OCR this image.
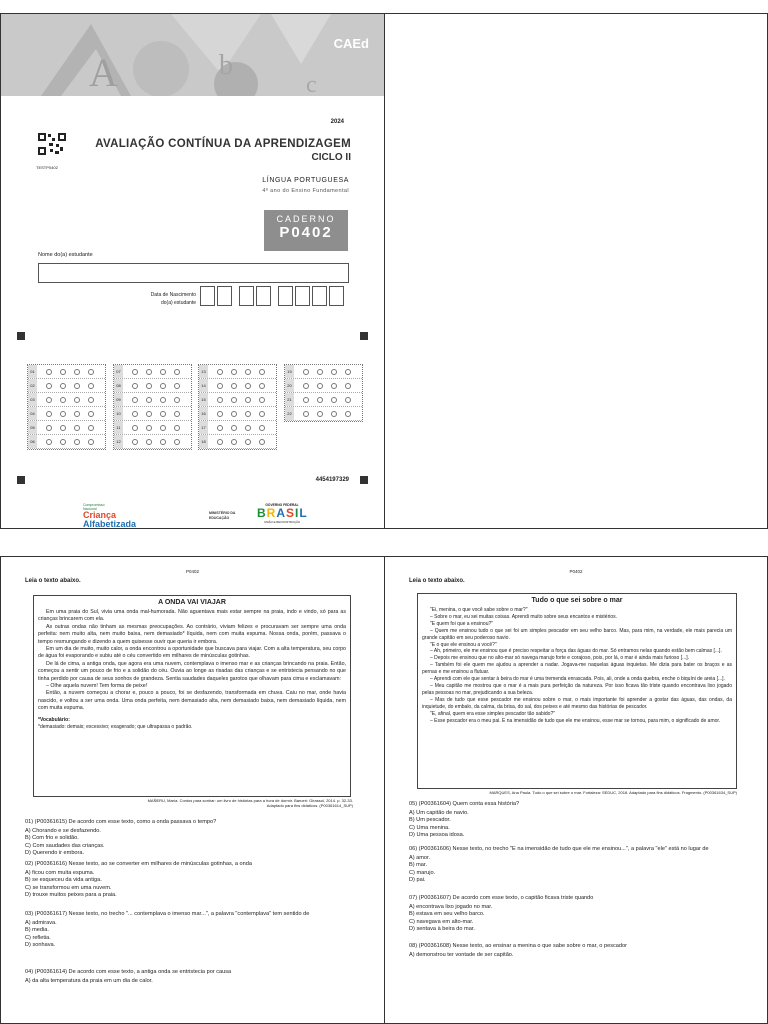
A	b
c
CAEd
2024
TESTP0402
AVALIAÇÃO CONTÍNUA DA APRENDIZAGEM
CICLO II
LÍNGUA PORTUGUESA
4º ano do Ensino Fundamental
CADERNO
P0402
Nome do(a) estudante
Data de Nascimento
do(a) estudante
01
02
03
04
05
06
07
08
09
10
11
12
13
14
15
16
17
18
19
20
21
22
4454197329
Compromisso
Nacional
Criança
Alfabetizada
MINISTÉRIO DA
EDUCAÇÃO
GOVERNO FEDERAL
BRASIL
UNIÃO E RECONSTRUÇÃO
P0402
Leia o texto abaixo.
A ONDA VAI VIAJAR

Em uma praia do Sul, vivia uma onda mal-humorada. Não aguentava mais estar sempre na praia, indo e vindo, só para as crianças brincarem com ela.

As outras ondas não tinham as mesmas preocupações. Ao contrário, viviam felizes e procuravam ser sempre uma onda perfeita: nem muito alta, nem muito baixa, nem demasiado* líquida, nem com muita espuma. Nossa onda, porém, passava o tempo resmungando e dizendo a quem quisesse ouvir que queria ir embora.

Em um dia de muito, muito calor, a onda encontrou a oportunidade que buscava para viajar. Com a alta temperatura, seu corpo de água foi evaporando e subiu até o céu convertido em milhares de minúsculas gotinhas.

De lá de cima, a antiga onda, que agora era uma nuvem, contemplava o imenso mar e as crianças brincando na praia. Então, começou a sentir um pouco de frio e a solidão do céu. Ouvia ao longe as risadas das crianças e se entristecia pensando no que tinha perdido por causa de seus sonhos de grandeza. Sentia saudades daqueles garotos que olhavam para cima e exclamavam:

– Olhe aquela nuvem! Tem forma de peixe!

Então, a nuvem começou a chorar e, pouco a pouco, foi se desfazendo, transformada em chuva. Caiu no mar, onde havia nascido, e voltou a ser uma onda. Uma onda perfeita, nem demasiado alta, nem demasiado baixa, nem demasiado líquida, nem com muita espuma.

*Vocabulário:
*demasiado: demais; excessivo; exagerado; que ultrapassa o padrão.
MAÑERU, María. Contos para sonhar: um livro de histórias para a hora de dormir. Barueri: Girassol, 2014. p. 32-33.
Adaptado para fins didáticos. (P00361614_SUP)
01) (P00361615) De acordo com esse texto, como a onda passava o tempo?
A) Chorando e se desfazendo.
B) Com frio e solidão.
C) Com saudades das crianças.
D) Querendo ir embora.
02) (P00361616) Nesse texto, ao se converter em milhares de minúsculas gotinhas, a onda
A) ficou com muita espuma.
B) se esqueceu da vida antiga.
C) se transformou em uma nuvem.
D) trouxe muitos peixes para a praia.
03) (P00361617) Nesse texto, no trecho "... contemplava o imenso mar...", a palavra "contemplava" tem sentido de
A) admirava.
B) media.
C) refletia.
D) sonhava.
04) (P00361614) De acordo com esse texto, a antiga onda se entristecia por causa
A) da alta temperatura da praia em um dia de calor.
P0402
Leia o texto abaixo.
Tudo o que sei sobre o mar

"Ei, menina, o que você sabe sobre o mar?"

– Sobre o mar, eu sei muitas coisas. Aprendi muito sobre seus encantos e mistérios.

"E quem foi que a ensinou?"

– Quem me ensinou tudo o que sei foi um simples pescador em seu velho barco. Mas, para mim, na verdade, ele mais parecia um grande capitão em seu poderoso navio.

"E o que ele ensinou a você?"

– Ah, primeiro, ele me ensinou que é preciso respeitar a força das águas do mar. Só entramos nelas quando estão bem calmas [...].

– Depois me ensinou que no alto-mar só navega marujo forte e corajoso, pois, por lá, o mar é ainda mais furioso [...].

– Também foi ele quem me ajudou a aprender a nadar. Jogava-me naquelas águas inquietas. Me dizia para bater os braços e as pernas e me ensinou a flutuar.

– Aprendi com ele que sentar à beira do mar é uma tremenda enrascada. Pois, ali, onde a onda quebra, enche o biquíni de areia [...].

– Meu capitão me mostrou que o mar é a mais pura perfeição da natureza. Por isso ficava tão triste quando encontrava lixo jogado pelas pessoas no mar, prejudicando a sua beleza.

– Mas de tudo que esse pescador me ensinou sobre o mar, o mais importante foi aprender a gostar das águas, das ondas, da inquietude, do embalo, da calma, da brisa, do sal, dos peixes e até mesmo das histórias de pescador.

"E, afinal, quem era esse simples pescador tão sabido?"

– Esse pescador era o meu pai. E na imensidão de tudo que ele me ensinou, esse mar se tornou, para mim, o significado de amor.

MARQUES, Ana Paula. Tudo o que sei sobre o mar. Fortaleza: SEDUC, 2018. Adaptado para fins didáticos. Fragmento. (P00361634_SUP)
05) (P00361604) Quem conta essa história?
A) Um capitão de navio.
B) Um pescador.
C) Uma menina.
D) Uma pessoa idosa.
06) (P00361606) Nesse texto, no trecho "E na imensidão de tudo que ele me ensinou...", a palavra "ele" está no lugar de
A) amor.
B) mar.
C) marujo.
D) pai.
07) (P00361607) De acordo com esse texto, o capitão ficava triste quando
A) encontrava lixo jogado no mar.
B) estava em seu velho barco.
C) navegava em alto-mar.
D) sentava à beira do mar.
08) (P00361608) Nesse texto, ao ensinar a menina o que sabe sobre o mar, o pescador
A) demonstrou ter vontade de ser capitão.
